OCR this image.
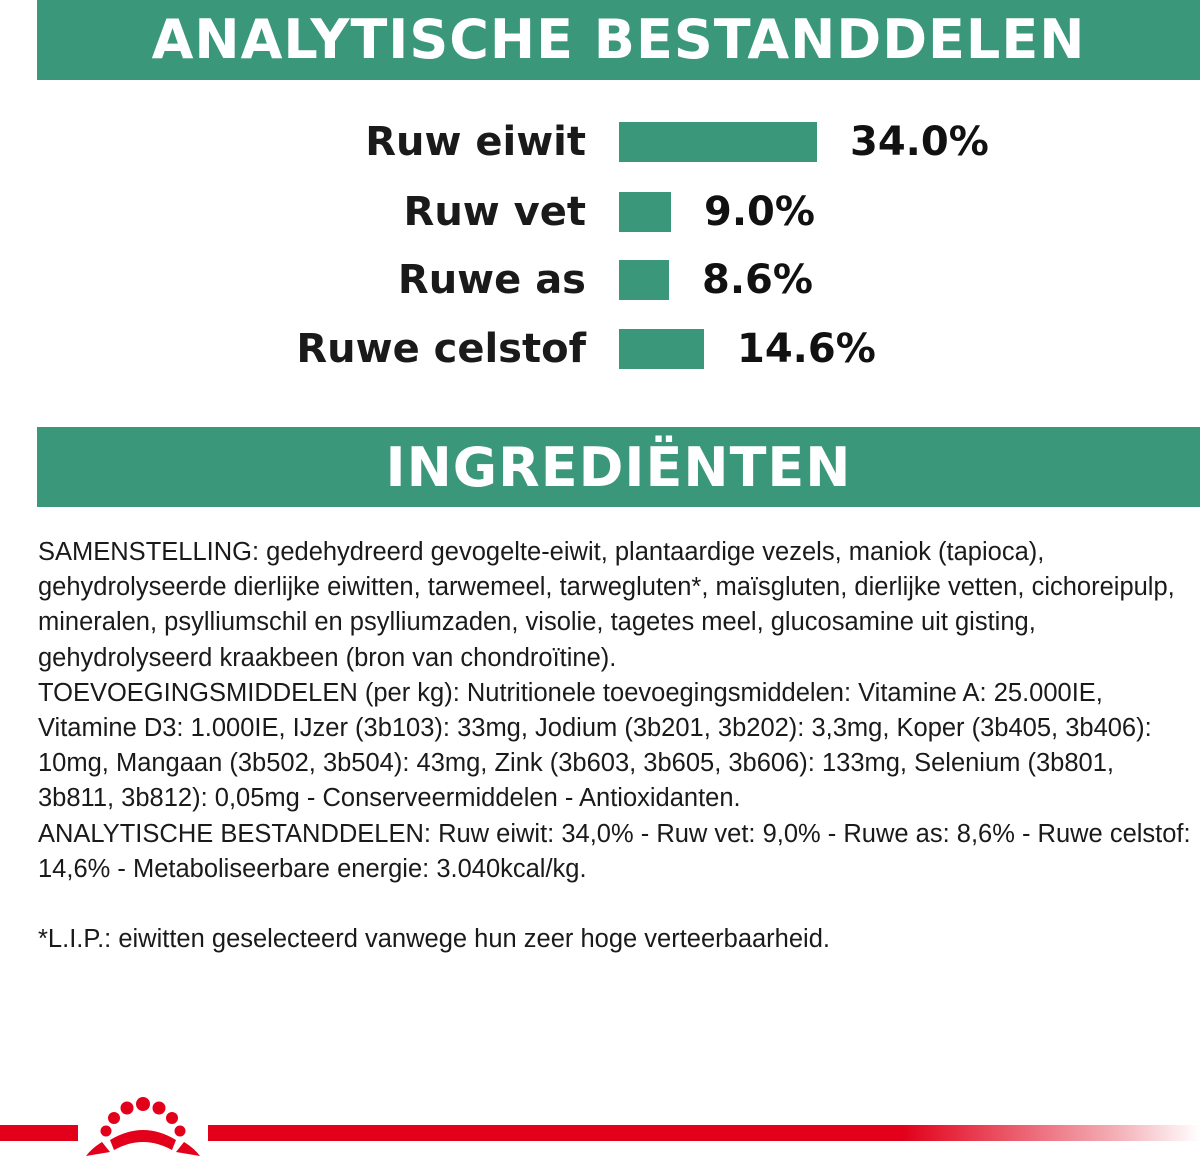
ANALYTISCHE BESTANDDELEN
Ruw eiwit	34.0%
Ruw vet	9.0%
Ruwe as	8.6%
Ruwe celstof	14.6%
INGREDIËNTEN

SAMENSTELLING: gedehydreerd gevogelte-eiwit, plantaardige vezels, maniok (tapioca), gehydrolyseerde dierlijke eiwitten, tarwemeel, tarwegluten*, maïsgluten, dierlijke vetten, cichoreipulp, mineralen, psylliumschil en psylliumzaden, visolie, tagetes meel, glucosamine uit gisting, gehydrolyseerd kraakbeen (bron van chondroïtine).

TOEVOEGINGSMIDDELEN (per kg): Nutritionele toevoegingsmiddelen: Vitamine A: 25.000IE, Vitamine D3: 1.000IE, IJzer (3b103): 33mg, Jodium (3b201, 3b202): 3,3mg, Koper (3b405, 3b406): 10mg, Mangaan (3b502, 3b504): 43mg, Zink (3b603, 3b605, 3b606): 133mg, Selenium (3b801, 3b811, 3b812): 0,05mg - Conserveermiddelen - Antioxidanten.

ANALYTISCHE BESTANDDELEN: Ruw eiwit: 34,0% - Ruw vet: 9,0% - Ruwe as: 8,6% - Ruwe celstof: 14,6% - Metaboliseerbare energie: 3.040kcal/kg.

*L.I.P.: eiwitten geselecteerd vanwege hun zeer hoge verteerbaarheid.
